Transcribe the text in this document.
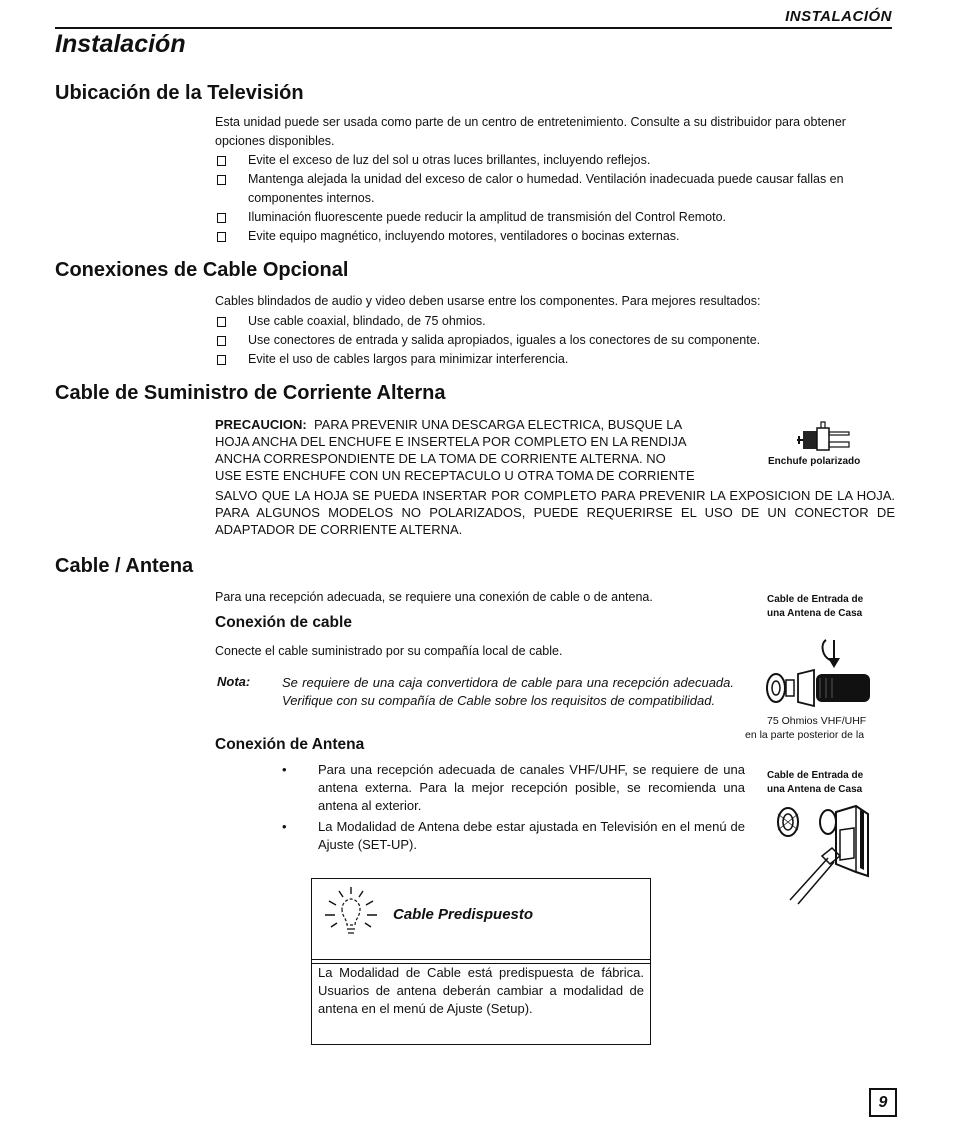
INSTALACIÓN
Instalación
Ubicación de la Televisión

Esta unidad puede ser usada como parte de un centro de entretenimiento. Consulte a su distribuidor para obtener opciones disponibles.

Evite el exceso de luz del sol u otras luces brillantes, incluyendo reflejos.
Mantenga alejada la unidad del exceso de calor o humedad. Ventilación inadecuada puede causar fallas en componentes internos.
Iluminación fluorescente puede reducir la amplitud de transmisión del Control Remoto.
Evite equipo magnético, incluyendo motores, ventiladores o bocinas externas.
Conexiones de Cable Opcional

Cables blindados de audio y video deben usarse entre los componentes. Para mejores resultados:

Use cable coaxial, blindado, de 75 ohmios.
Use conectores de entrada y salida apropiados, iguales a los conectores de su componente.
Evite el uso de cables largos para minimizar interferencia.
Cable de Suministro de Corriente Alterna
PRECAUCION: PARA PREVENIR UNA DESCARGA ELECTRICA, BUSQUE LA
HOJA ANCHA DEL ENCHUFE E INSERTELA POR COMPLETO EN LA RENDIJA
ANCHA CORRESPONDIENTE DE LA TOMA DE CORRIENTE ALTERNA. NO
USE ESTE ENCHUFE CON UN RECEPTACULO U OTRA TOMA DE CORRIENTE
SALVO QUE LA HOJA SE PUEDA INSERTAR POR COMPLETO PARA PREVENIR LA EXPOSICION DE LA HOJA. PARA ALGUNOS MODELOS NO POLARIZADOS, PUEDE REQUERIRSE EL USO DE UN CONECTOR DE ADAPTADOR DE CORRIENTE ALTERNA.
Enchufe polarizado
Cable / Antena

Para una recepción adecuada, se requiere una conexión de cable o de antena.

Conexión de cable

Conecte el cable suministrado por su compañía local de cable.

Nota: Se requiere de una caja convertidora de cable para una recepción adecuada. Verifique con su compañía de Cable sobre los requisitos de compatibilidad.
Conexión de Antena
• Para una recepción adecuada de canales VHF/UHF, se requiere de una antena externa. Para la mejor recepción posible, se recomienda una antena al exterior.
• La Modalidad de Antena debe estar ajustada en Televisión en el menú de Ajuste (SET-UP).
Cable de Entrada de
una Antena de Casa
75 Ohmios VHF/UHF
en la parte posterior de la
Cable de Entrada de
una Antena de Casa
Cable Predispuesto
La Modalidad de Cable está predispuesta de fábrica. Usuarios de antena deberán cambiar a modalidad de antena en el menú de Ajuste (Setup).
9
